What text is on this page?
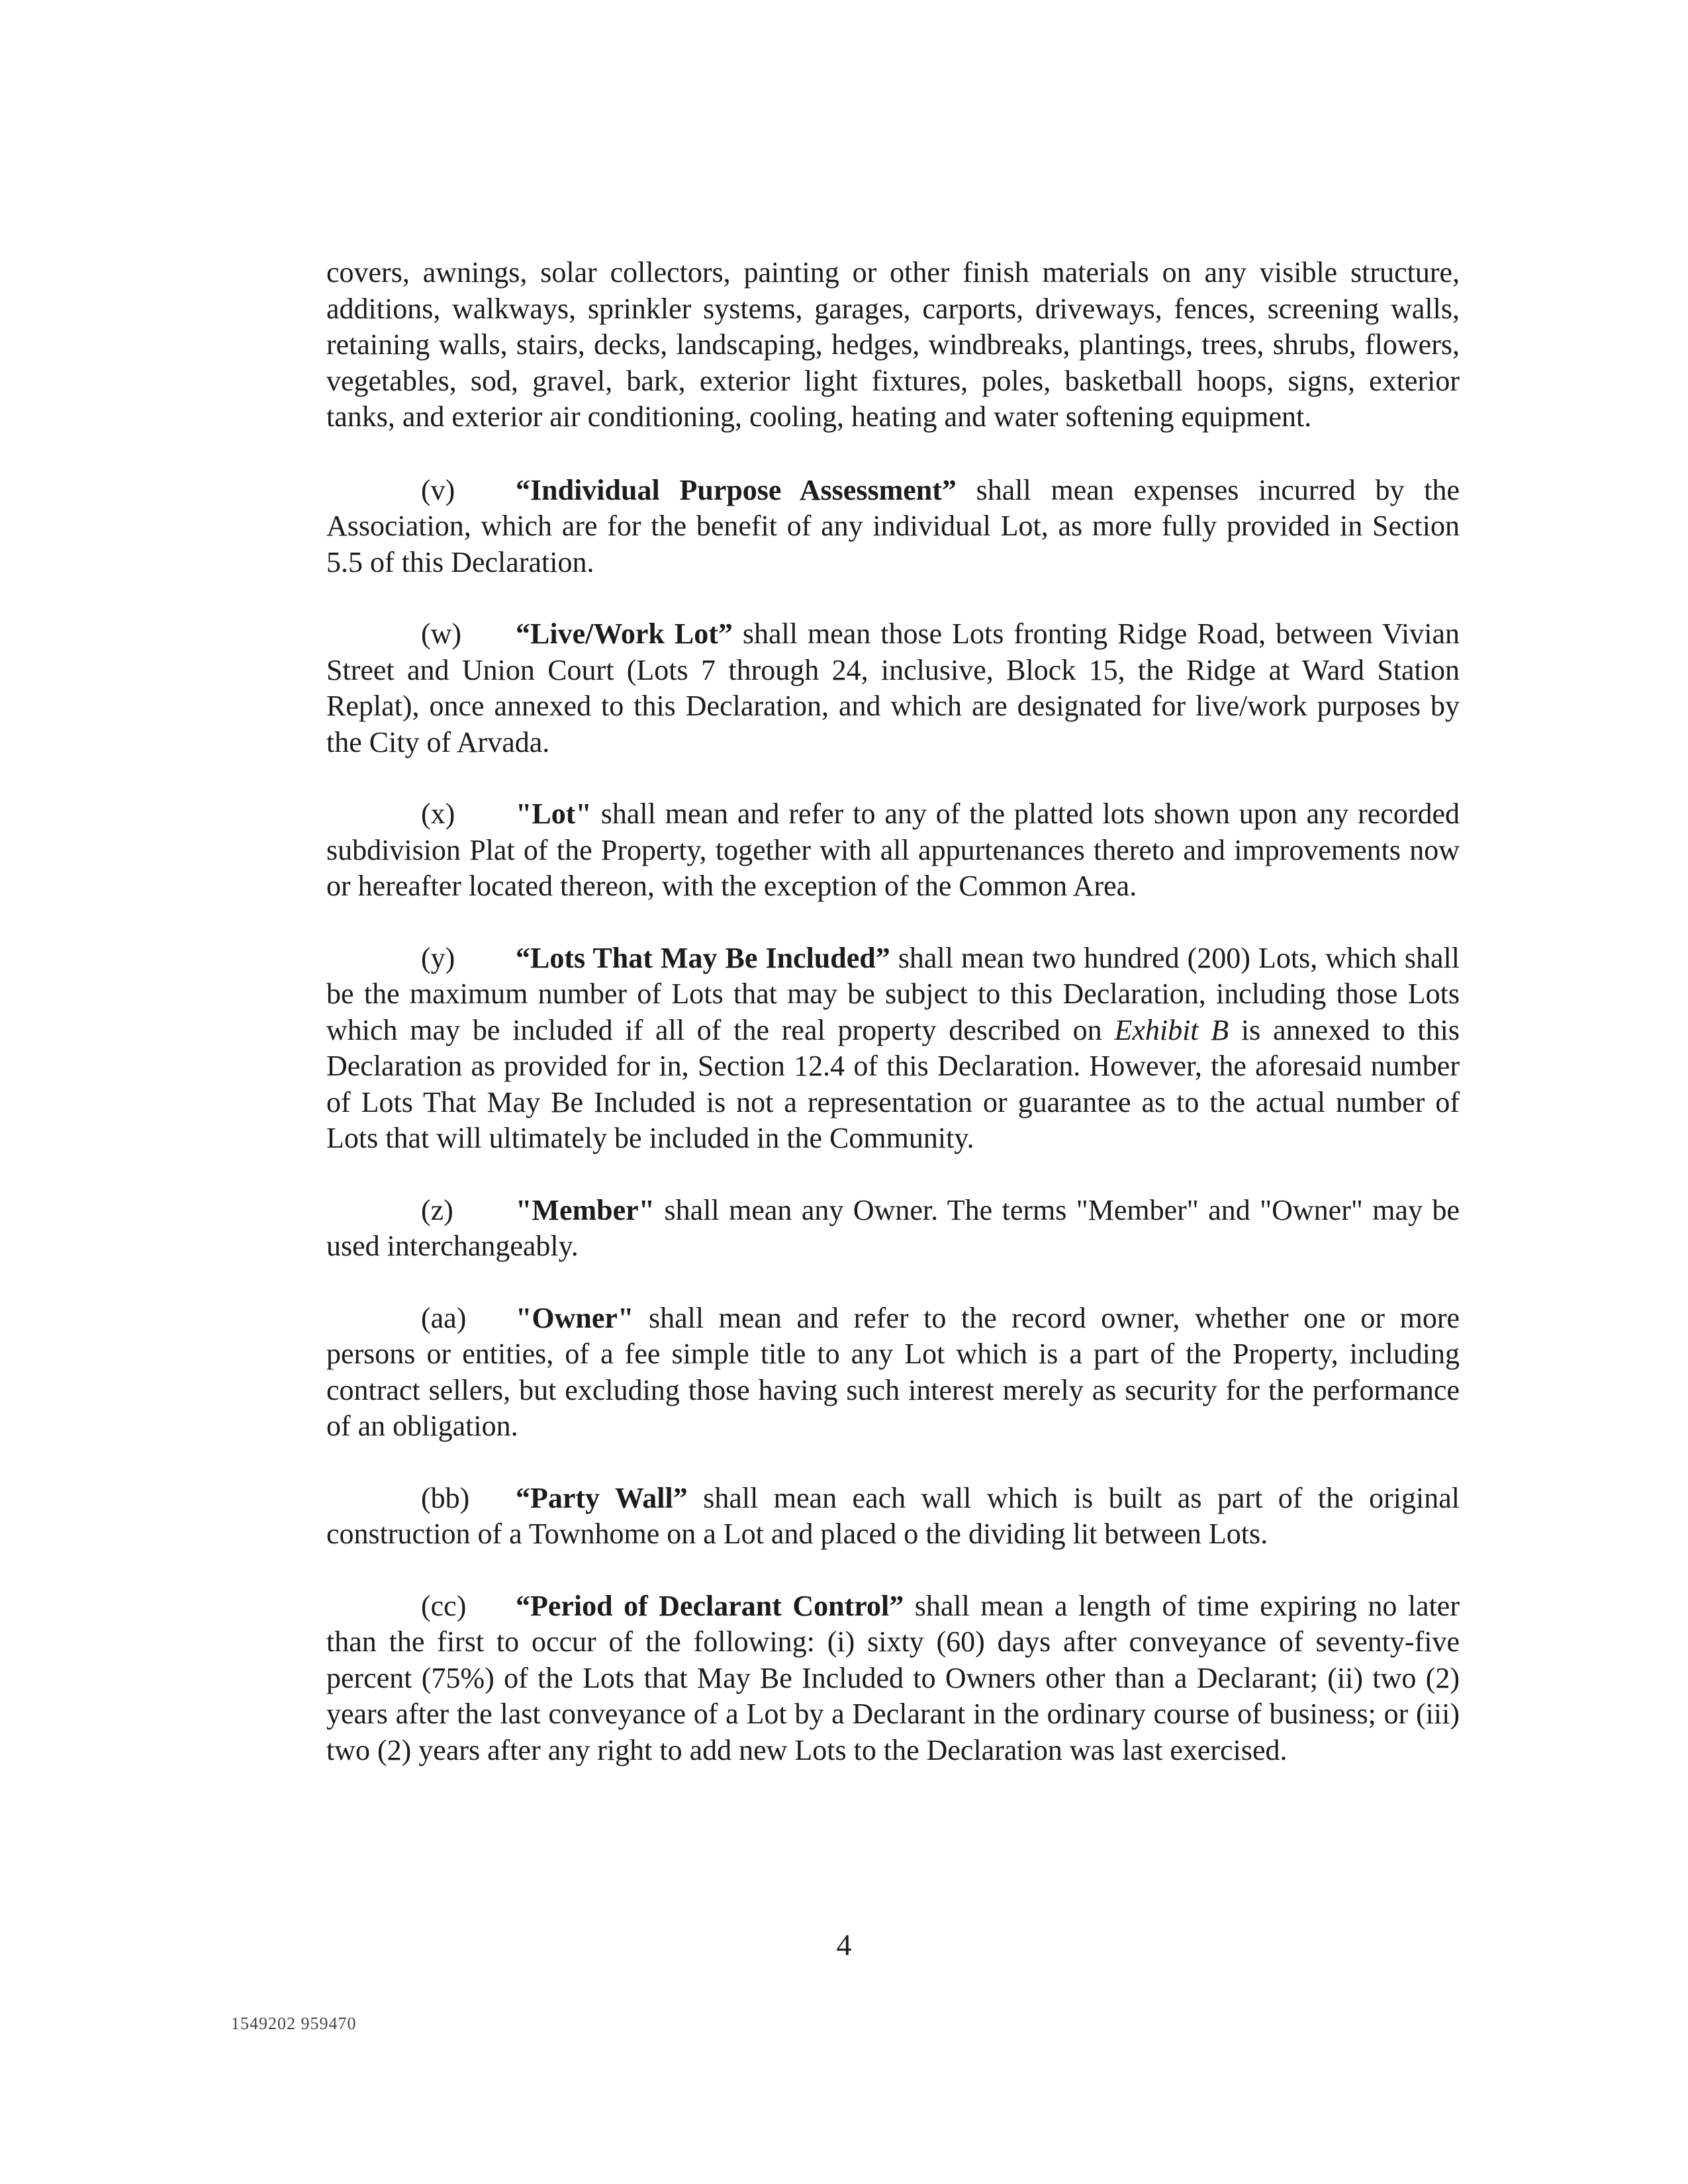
covers, awnings, solar collectors, painting or other finish materials on any visible structure, additions, walkways, sprinkler systems, garages, carports, driveways, fences, screening walls, retaining walls, stairs, decks, landscaping, hedges, windbreaks, plantings, trees, shrubs, flowers, vegetables, sod, gravel, bark, exterior light fixtures, poles, basketball hoops, signs, exterior tanks, and exterior air conditioning, cooling, heating and water softening equipment.

(v) “Individual Purpose Assessment” shall mean expenses incurred by the Association, which are for the benefit of any individual Lot, as more fully provided in Section 5.5 of this Declaration.

(w) “Live/Work Lot” shall mean those Lots fronting Ridge Road, between Vivian Street and Union Court (Lots 7 through 24, inclusive, Block 15, the Ridge at Ward Station Replat), once annexed to this Declaration, and which are designated for live/work purposes by the City of Arvada.

(x) "Lot" shall mean and refer to any of the platted lots shown upon any recorded subdivision Plat of the Property, together with all appurtenances thereto and improvements now or hereafter located thereon, with the exception of the Common Area.

(y) “Lots That May Be Included” shall mean two hundred (200) Lots, which shall be the maximum number of Lots that may be subject to this Declaration, including those Lots which may be included if all of the real property described on Exhibit B is annexed to this Declaration as provided for in, Section 12.4 of this Declaration. However, the aforesaid number of Lots That May Be Included is not a representation or guarantee as to the actual number of Lots that will ultimately be included in the Community.

(z) "Member" shall mean any Owner. The terms "Member" and "Owner" may be used interchangeably.

(aa) "Owner" shall mean and refer to the record owner, whether one or more persons or entities, of a fee simple title to any Lot which is a part of the Property, including contract sellers, but excluding those having such interest merely as security for the performance of an obligation.

(bb) “Party Wall” shall mean each wall which is built as part of the original construction of a Townhome on a Lot and placed o the dividing lit between Lots.

(cc) “Period of Declarant Control” shall mean a length of time expiring no later than the first to occur of the following: (i) sixty (60) days after conveyance of seventy-five percent (75%) of the Lots that May Be Included to Owners other than a Declarant; (ii) two (2) years after the last conveyance of a Lot by a Declarant in the ordinary course of business; or (iii) two (2) years after any right to add new Lots to the Declaration was last exercised.

4
1549202 959470
